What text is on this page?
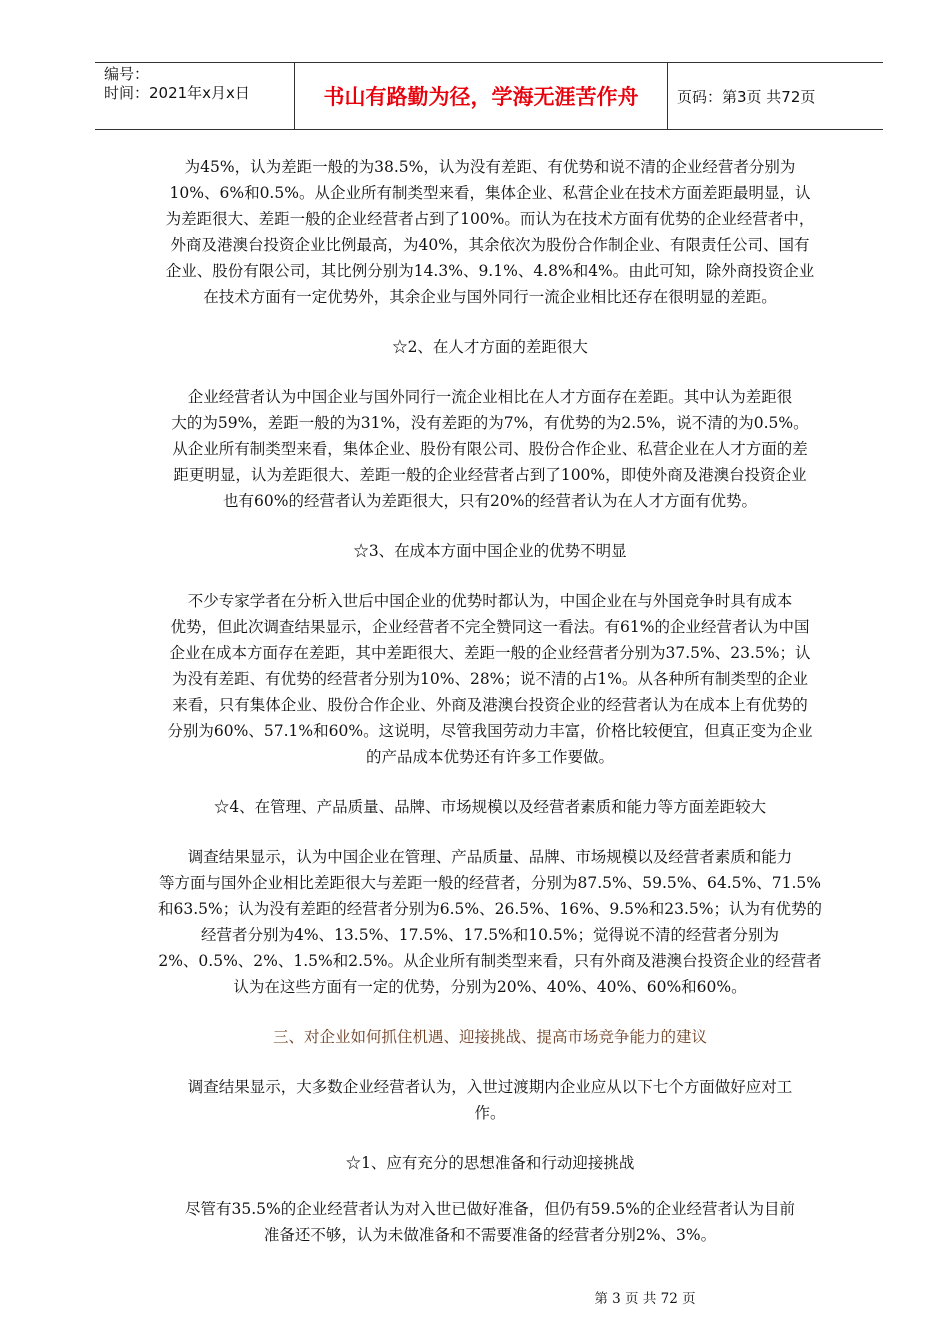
编号：
时间：2021年x月x日	书山有路勤为径，学海无涯苦作舟	页码：第3页 共72页

为45%，认为差距一般的为38.5%，认为没有差距、有优势和说不清的企业经营者分别为

10%、6%和0.5%。从企业所有制类型来看，集体企业、私营企业在技术方面差距最明显，认

为差距很大、差距一般的企业经营者占到了100%。而认为在技术方面有优势的企业经营者中，

外商及港澳台投资企业比例最高，为40%，其余依次为股份合作制企业、有限责任公司、国有

企业、股份有限公司，其比例分别为14.3%、9.1%、4.8%和4%。由此可知，除外商投资企业

在技术方面有一定优势外，其余企业与国外同行一流企业相比还存在很明显的差距。

☆2、在人才方面的差距很大

企业经营者认为中国企业与国外同行一流企业相比在人才方面存在差距。其中认为差距很

大的为59%，差距一般的为31%，没有差距的为7%，有优势的为2.5%，说不清的为0.5%。

从企业所有制类型来看，集体企业、股份有限公司、股份合作企业、私营企业在人才方面的差

距更明显，认为差距很大、差距一般的企业经营者占到了100%，即使外商及港澳台投资企业

也有60%的经营者认为差距很大，只有20%的经营者认为在人才方面有优势。

☆3、在成本方面中国企业的优势不明显

不少专家学者在分析入世后中国企业的优势时都认为，中国企业在与外国竞争时具有成本

优势，但此次调查结果显示，企业经营者不完全赞同这一看法。有61%的企业经营者认为中国

企业在成本方面存在差距，其中差距很大、差距一般的企业经营者分别为37.5%、23.5%；认

为没有差距、有优势的经营者分别为10%、28%；说不清的占1%。从各种所有制类型的企业

来看，只有集体企业、股份合作企业、外商及港澳台投资企业的经营者认为在成本上有优势的

分别为60%、57.1%和60%。这说明，尽管我国劳动力丰富，价格比较便宜，但真正变为企业

的产品成本优势还有许多工作要做。

☆4、在管理、产品质量、品牌、市场规模以及经营者素质和能力等方面差距较大

调查结果显示，认为中国企业在管理、产品质量、品牌、市场规模以及经营者素质和能力

等方面与国外企业相比差距很大与差距一般的经营者，分别为87.5%、59.5%、64.5%、71.5%

和63.5%；认为没有差距的经营者分别为6.5%、26.5%、16%、9.5%和23.5%；认为有优势的

经营者分别为4%、13.5%、17.5%、17.5%和10.5%；觉得说不清的经营者分别为

2%、0.5%、2%、1.5%和2.5%。从企业所有制类型来看，只有外商及港澳台投资企业的经营者

认为在这些方面有一定的优势，分别为20%、40%、40%、60%和60%。

三、对企业如何抓住机遇、迎接挑战、提高市场竞争能力的建议

调查结果显示，大多数企业经营者认为，入世过渡期内企业应从以下七个方面做好应对工

作。

☆1、应有充分的思想准备和行动迎接挑战

尽管有35.5%的企业经营者认为对入世已做好准备，但仍有59.5%的企业经营者认为目前

准备还不够，认为未做准备和不需要准备的经营者分别2%、3%。

第 3 页 共 72 页
